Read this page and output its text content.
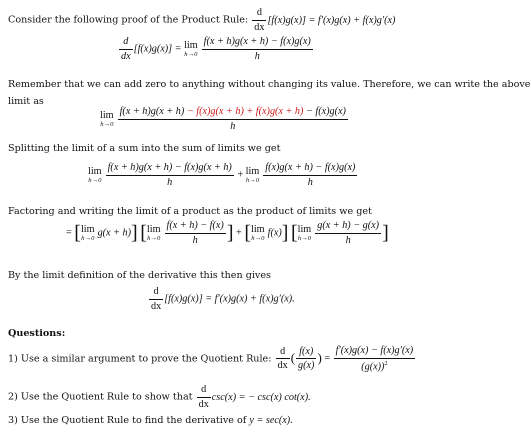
Consider the following proof of the Product Rule: $\frac{d}{dx} [f(x)g(x)] = f'(x)g(x) + f(x)g'(x)$
$\frac{d}{dx} [f(x)g(x)] = \lim$
$h\to 0 \frac{f(x + h)g(x + h) - f(x)g(x)}{h}$
Remember that we can add zero to anything without changing its value. Therefore, we can write the above
limit as
lim
$h\to 0 \frac{f(x + h)g(x + h) - f(x)g(x + h) + f(x)g(x + h) - f(x)g(x)}{h}$
Splitting the limit of a sum into the sum of limits we get
lim
$h\to 0 \frac{f(x + h)g(x + h) - f(x)g(x + h)}{h} + \lim$
$h\to 0 \frac{f(x)g(x + h) - f(x)g(x)}{h}$
Factoring and writing the limit of a product as the product of limits we get
= [ lim
h→0 g(x + h)] [ lim
$h\to 0 \frac{f(x + h) - f(x)}{h}$ ] + [ lim
h→0 f(x)] [ lim
$h\to 0 \frac{g(x + h) - g(x)}{h}$ ]
By the limit definition of the derivative this then gives
$\frac{d}{dx} [f(x)g(x)] = f'(x)g(x) + f(x)g'(x)$.
Questions:
1) Use a similar argument to prove the Quotient Rule: $\frac{d}{dx}$ ( $\frac{f(x)}{g(x)}$ ) = $\frac{f'(x)g(x) - f(x)g'(x)}{(g(x))^2}$
2) Use the Quotient Rule to show that $\frac{d}{dx} \csc(x)$ = − csc(x) cot(x).
3) Use the Quotient Rule to find the derivative of y = sec(x).
